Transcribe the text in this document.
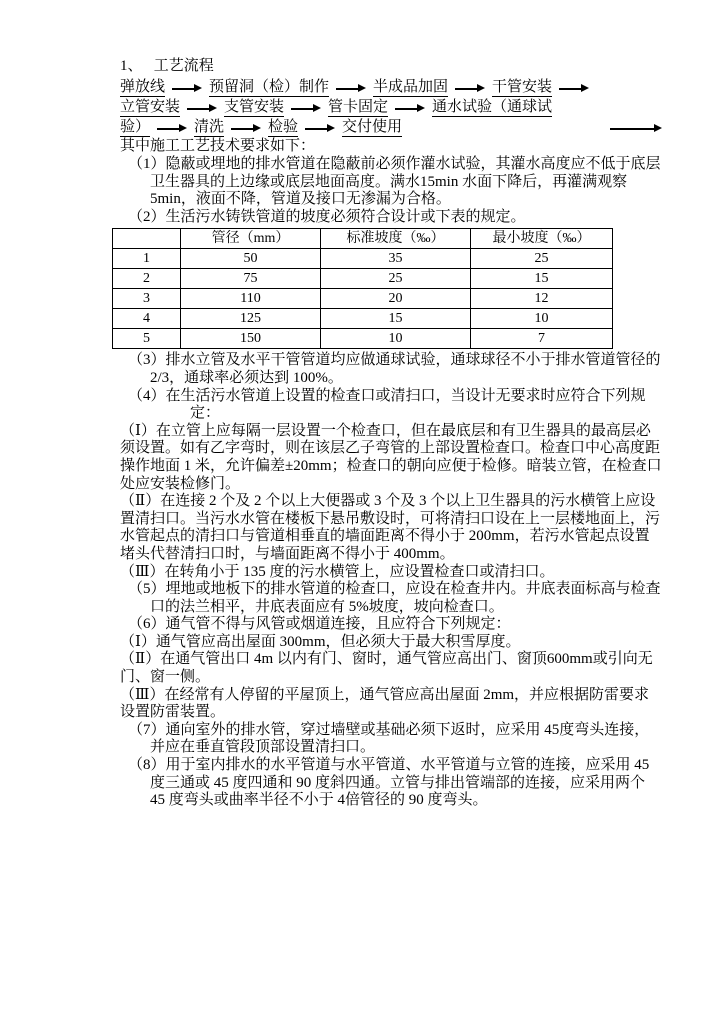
1、   工艺流程
弹放线	预留洞（检）制作	半成品加固	干管安装
立管安装	支管安装	管卡固定	通水试验（通球试
验）	清洗	检验	交付使用
其中施工工艺技术要求如下：
（1）隐蔽或埋地的排水管道在隐蔽前必须作灌水试验，其灌水高度应不低于底层卫生器具的上边缘或底层地面高度。满水15min 水面下降后，再灌满观察 5min，液面不降，管道及接口无渗漏为合格。
（2）生活污水铸铁管道的坡度必须符合设计或下表的规定。
	管径（mm）	标准坡度（‰）	最小坡度（‰）
1	50	35	25
2	75	25	15
3	110	20	12
4	125	15	10
5	150	10	7
（3）排水立管及水平干管管道均应做通球试验，通球球径不小于排水管道管径的 2/3，通球率必须达到 100%。
（4）在生活污水管道上设置的检查口或清扫口，当设计无要求时应符合下列规定：
（Ⅰ）在立管上应每隔一层设置一个检查口，但在最底层和有卫生器具的最高层必须设置。如有乙字弯时，则在该层乙子弯管的上部设置检查口。检查口中心高度距操作地面 1 米，允许偏差±20mm；检查口的朝向应便于检修。暗装立管，在检查口处应安装检修门。
（Ⅱ）在连接 2 个及 2 个以上大便器或 3 个及 3 个以上卫生器具的污水横管上应设置清扫口。当污水水管在楼板下悬吊敷设时，可将清扫口设在上一层楼地面上，污水管起点的清扫口与管道相垂直的墙面距离不得小于 200mm，若污水管起点设置堵头代替清扫口时，与墙面距离不得小于 400mm。
（Ⅲ）在转角小于 135 度的污水横管上，应设置检查口或清扫口。
（5）埋地或地板下的排水管道的检查口，应设在检查井内。井底表面标高与检查口的法兰相平，井底表面应有 5%坡度，坡向检查口。
（6）通气管不得与风管或烟道连接，且应符合下列规定：
（Ⅰ）通气管应高出屋面 300mm，但必须大于最大积雪厚度。
（Ⅱ）在通气管出口 4m 以内有门、窗时，通气管应高出门、窗顶600mm或引向无门、窗一侧。
（Ⅲ）在经常有人停留的平屋顶上，通气管应高出屋面 2mm，并应根据防雷要求设置防雷装置。
（7）通向室外的排水管，穿过墙壁或基础必须下返时，应采用 45度弯头连接，并应在垂直管段顶部设置清扫口。
（8）用于室内排水的水平管道与水平管道、水平管道与立管的连接，应采用 45 度三通或 45 度四通和 90 度斜四通。立管与排出管端部的连接，应采用两个 45 度弯头或曲率半径不小于 4倍管径的 90 度弯头。
